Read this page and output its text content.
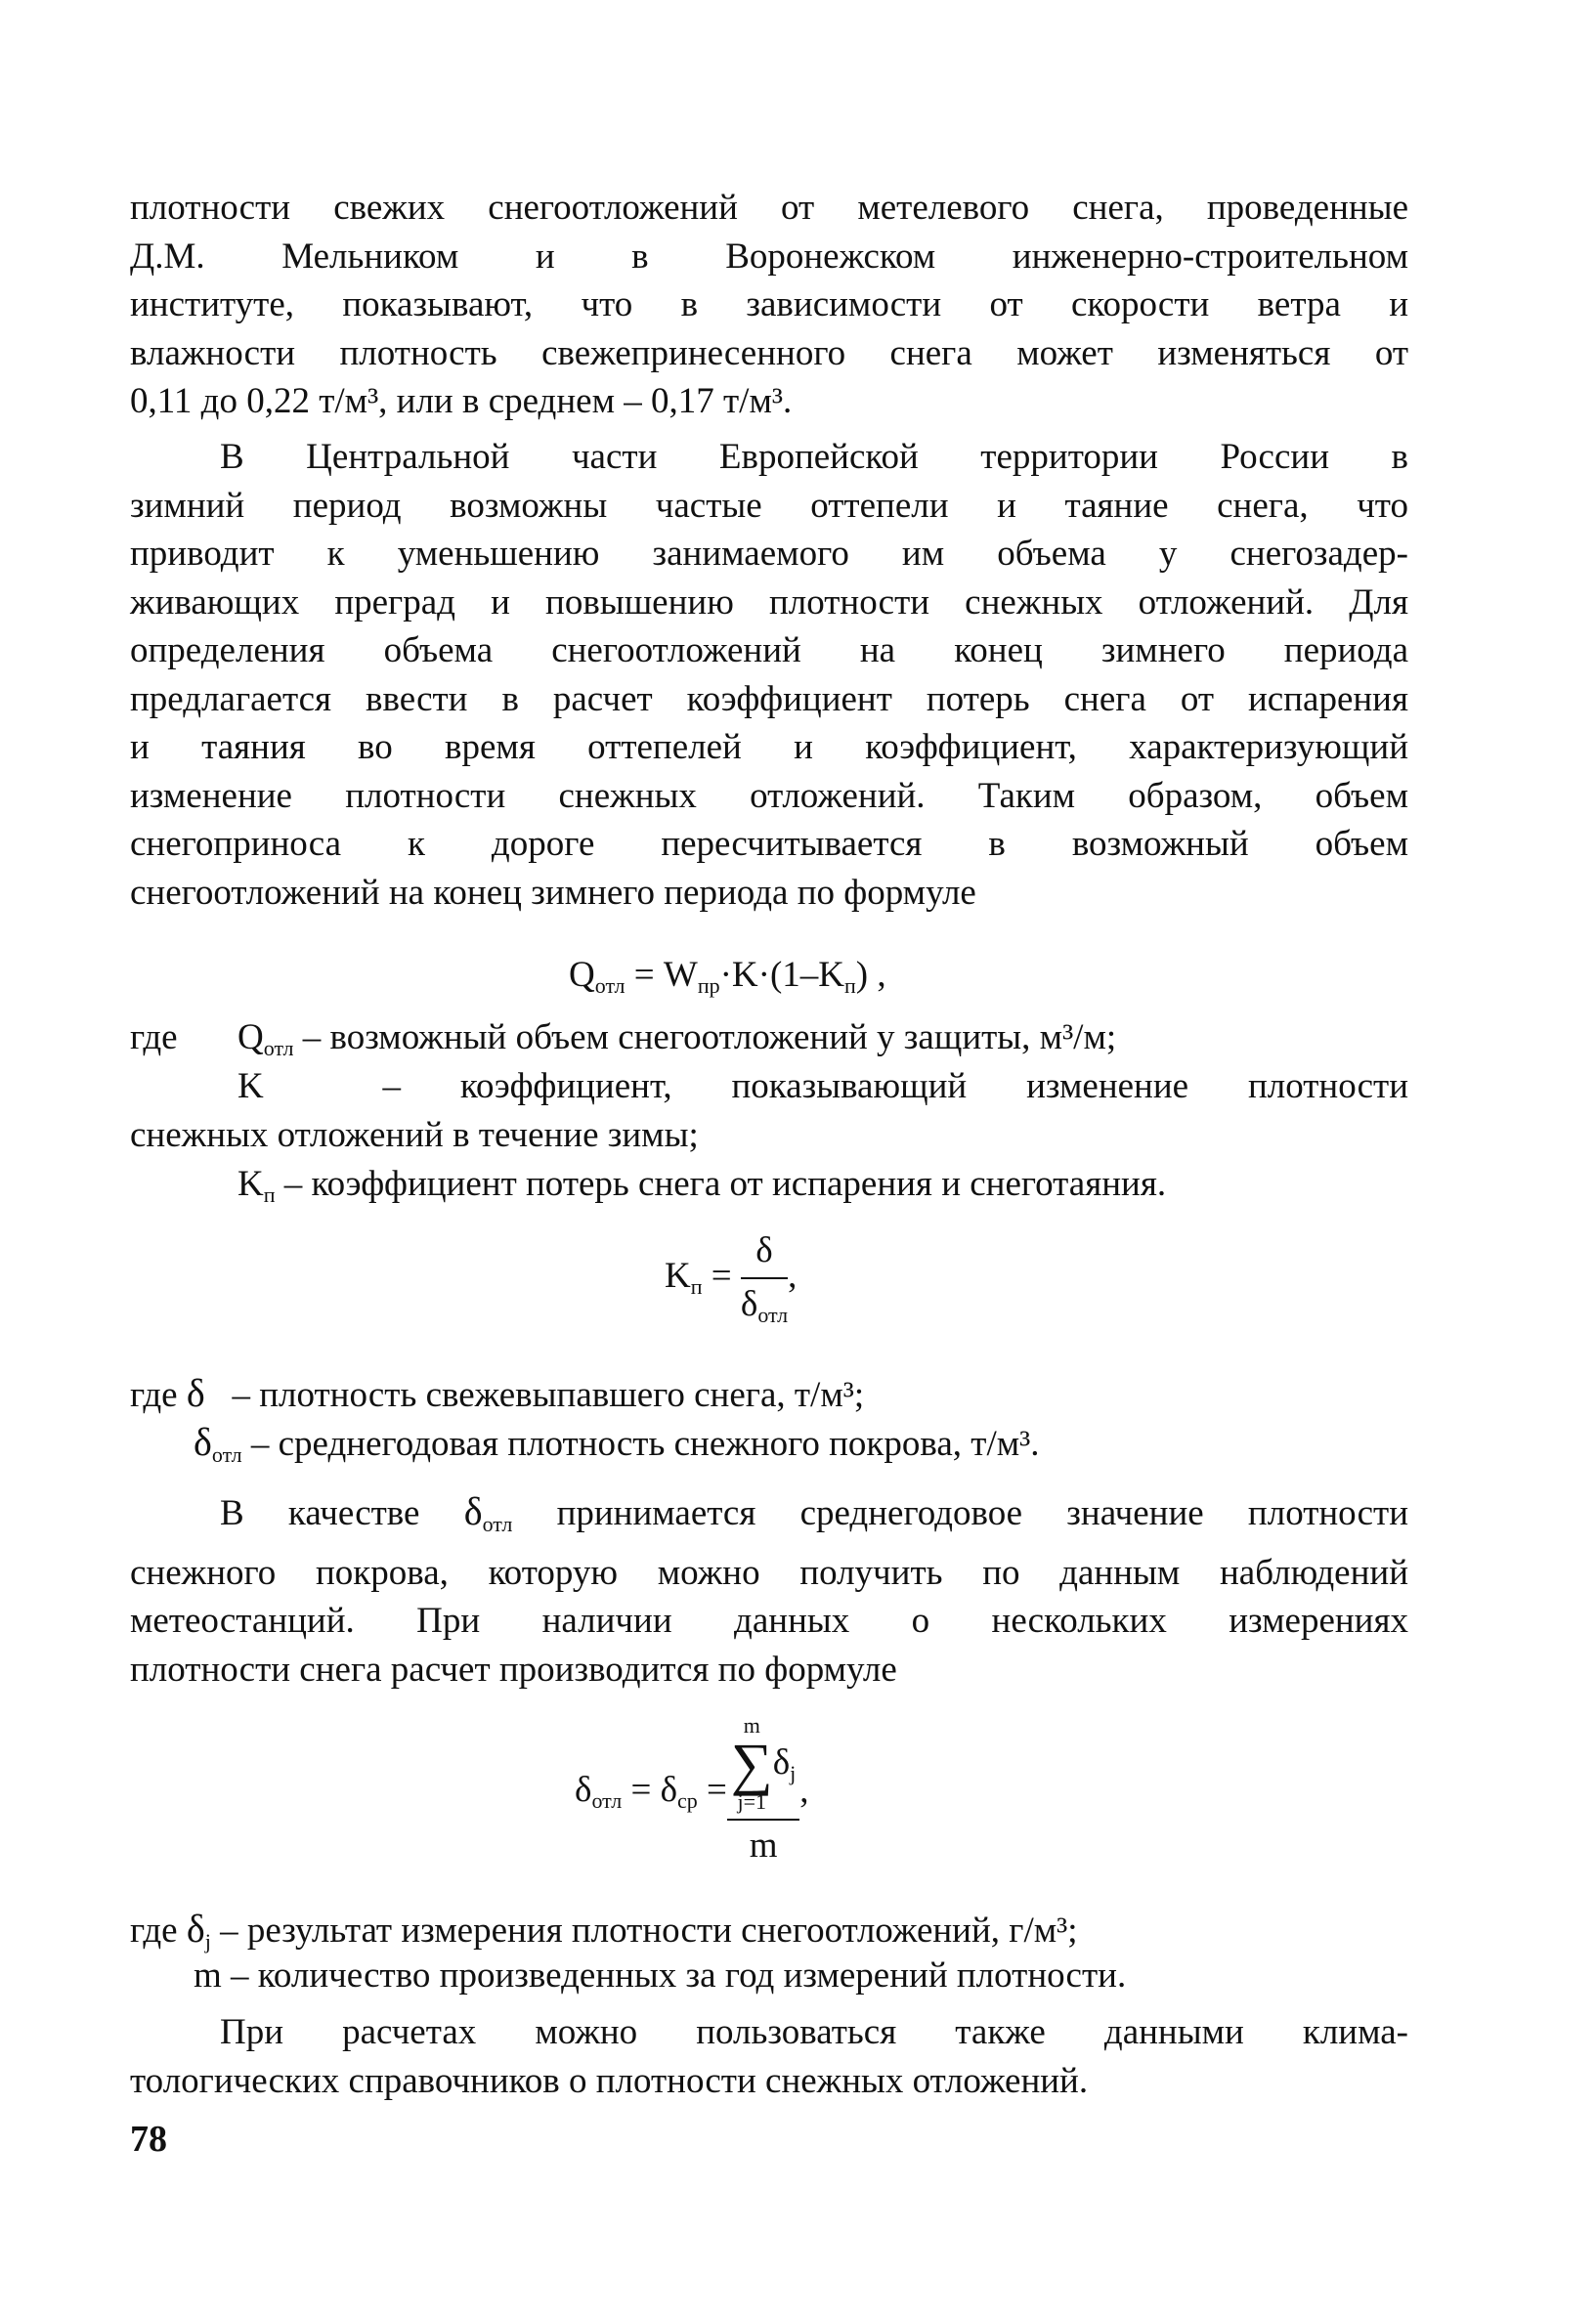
плотности свежих снегоотложений от метелевого снега, проведенные
Д.М. Мельником и в Воронежском инженерно-строительном
институте, показывают, что в зависимости от скорости ветра и
влажности плотность свежепринесенного снега может изменяться от
0,11 до 0,22 т/м³, или в среднем – 0,17 т/м³.
В Центральной части Европейской территории России в
зимний период возможны частые оттепели и таяние снега, что
приводит к уменьшению занимаемого им объема у снегозадер-
живающих преград и повышению плотности снежных отложений. Для
определения объема снегоотложений на конец зимнего периода
предлагается ввести в расчет коэффициент потерь снега от испарения
и таяния во время оттепелей и коэффициент, характеризующий
изменение плотности снежных отложений. Таким образом, объем
снегоприноса к дороге пересчитывается в возможный объем
снегоотложений на конец зимнего периода по формуле
$Q_{отл} = W_{пр}\cdot K\cdot(1-K_п)$ ,
где $Q_{отл}$ – возможный объем снегоотложений у защиты, м³/м;
K	– коэффициент, показывающий изменение плотности
снежных отложений в течение зимы;
$K_п$ – коэффициент потерь снега от испарения и снеготаяния.
$K_п = \frac{\delta}{\delta_{отл}}$ ,
где δ – плотность свежевыпавшего снега, т/м³;
$\delta_{отл}$ – среднегодовая плотность снежного покрова, т/м³.
В качестве $\delta_{отл}$ принимается среднегодовое значение плотности
снежного покрова, которую можно получить по данным наблюдений
метеостанций. При наличии данных о нескольких измерениях
плотности снега расчет производится по формуле
$\delta_{отл} = \delta_{ср} = m$
∑
j=1
$\delta_j$
m ,
где $\delta_j$ – результат измерения плотности снегоотложений, г/м³;
m – количество произведенных за год измерений плотности.
При расчетах можно пользоваться также данными клима-
тологических справочников о плотности снежных отложений.
78
